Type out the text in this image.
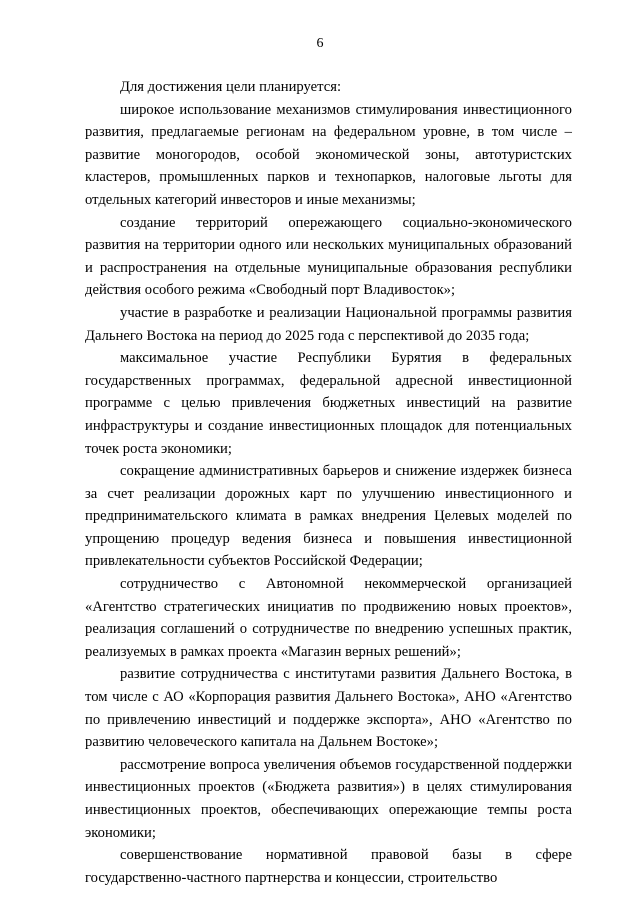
6

Для достижения цели планируется:

широкое использование механизмов стимулирования инвестиционного развития, предлагаемые регионам на федеральном уровне, в том числе – развитие моногородов, особой экономической зоны, автотуристских кластеров, промышленных парков и технопарков, налоговые льготы для отдельных категорий инвесторов и иные механизмы;

создание территорий опережающего социально-экономического развития на территории одного или нескольких муниципальных образований и распространения на отдельные муниципальные образования республики действия особого режима «Свободный порт Владивосток»;

участие в разработке и реализации Национальной программы развития Дальнего Востока на период до 2025 года с перспективой до 2035 года;

максимальное участие Республики Бурятия в федеральных государственных программах, федеральной адресной инвестиционной программе с целью привлечения бюджетных инвестиций на развитие инфраструктуры и создание инвестиционных площадок для потенциальных точек роста экономики;

сокращение административных барьеров и снижение издержек бизнеса за счет реализации дорожных карт по улучшению инвестиционного и предпринимательского климата в рамках внедрения Целевых моделей по упрощению процедур ведения бизнеса и повышения инвестиционной привлекательности субъектов Российской Федерации;

сотрудничество с Автономной некоммерческой организацией «Агентство стратегических инициатив по продвижению новых проектов», реализация соглашений о сотрудничестве по внедрению успешных практик, реализуемых в рамках проекта «Магазин верных решений»;

развитие сотрудничества с институтами развития Дальнего Востока, в том числе с АО «Корпорация развития Дальнего Востока», АНО «Агентство по привлечению инвестиций и поддержке экспорта», АНО «Агентство по развитию человеческого капитала на Дальнем Востоке»;

рассмотрение вопроса увеличения объемов государственной поддержки инвестиционных проектов («Бюджета развития») в целях стимулирования инвестиционных проектов, обеспечивающих опережающие темпы роста экономики;

совершенствование нормативной правовой базы в сфере государственно-частного партнерства и концессии, строительство
